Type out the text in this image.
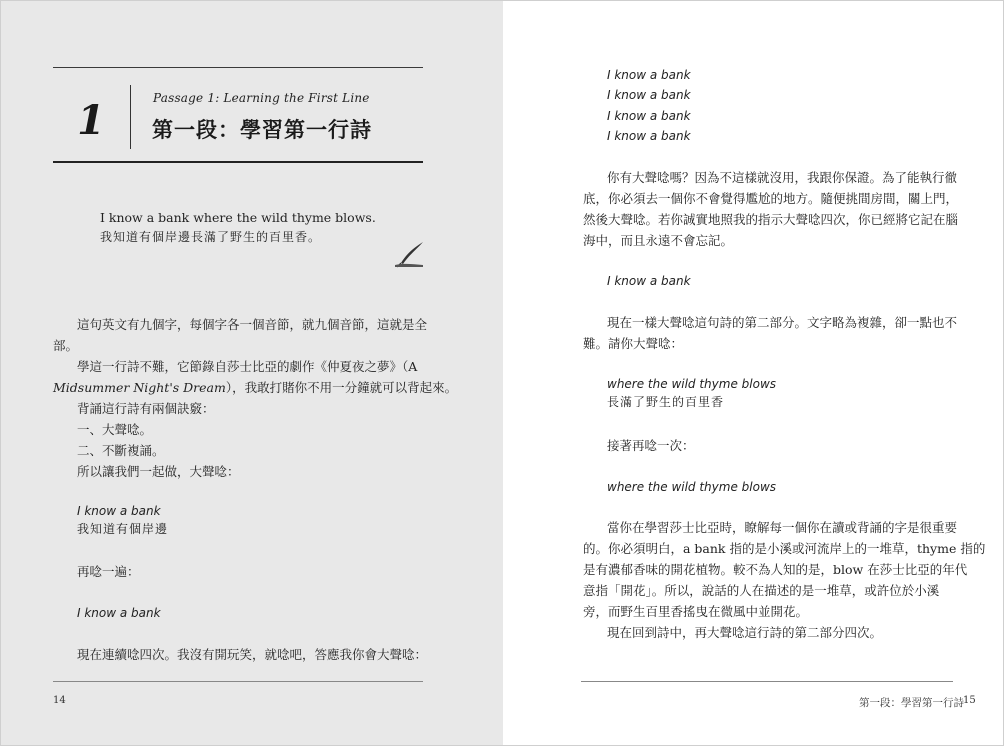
1	Passage 1: Learning the First Line
第一段：學習第一行詩
I know a bank where the wild thyme blows.
我知道有個岸邊長滿了野生的百里香。

這句英文有九個字，每個字各一個音節，就九個音節，這就是全

部。

學這一行詩不難，它節錄自莎士比亞的劇作《仲夏夜之夢》（A

Midsummer Night's Dream），我敢打賭你不用一分鐘就可以背起來。

背誦這行詩有兩個訣竅：

一、大聲唸。

二、不斷複誦。

所以讓我們一起做，大聲唸：

I know a bank

我知道有個岸邊

再唸一遍：

I know a bank

現在連續唸四次。我沒有開玩笑，就唸吧，答應我你會大聲唸：

14

I know a bank

I know a bank

I know a bank

I know a bank

你有大聲唸嗎？因為不這樣就沒用，我跟你保證。為了能執行徹

底，你必須去一個你不會覺得尷尬的地方。隨便挑間房間，關上門，

然後大聲唸。若你誠實地照我的指示大聲唸四次，你已經將它記在腦

海中，而且永遠不會忘記。

I know a bank

現在一樣大聲唸這句詩的第二部分。文字略為複雜，卻一點也不

難。請你大聲唸：

where the wild thyme blows

長滿了野生的百里香

接著再唸一次：

where the wild thyme blows

當你在學習莎士比亞時，瞭解每一個你在讀或背誦的字是很重要

的。你必須明白，a bank 指的是小溪或河流岸上的一堆草，thyme 指的

是有濃郁香味的開花植物。較不為人知的是，blow 在莎士比亞的年代

意指「開花」。所以，說話的人在描述的是一堆草，或許位於小溪

旁，而野生百里香搖曳在微風中並開花。

現在回到詩中，再大聲唸這行詩的第二部分四次。

第一段：學習第一行詩 15
